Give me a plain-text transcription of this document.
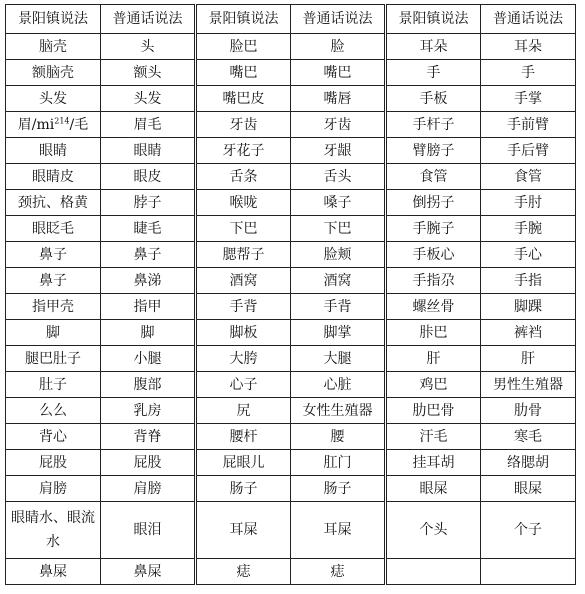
景阳镇说法	普通话说法	景阳镇说法	普通话说法	景阳镇说法	普通话说法
脑壳	头	脸巴	脸	耳朵	耳朵
额脑壳	额头	嘴巴	嘴巴	手	手
头发	头发	嘴巴皮	嘴唇	手板	手掌
眉$/mi^{214}/$毛	眉毛	牙齿	牙齿	手杆子	手前臂
眼睛	眼睛	牙花子	牙龈	臂膀子	手后臂
眼睛皮	眼皮	舌条	舌头	食管	食管
颈抗、格黄	脖子	喉咙	嗓子	倒拐子	手肘
眼眨毛	睫毛	下巴	下巴	手腕子	手腕
鼻子	鼻子	腮帮子	脸颊	手板心	手心
鼻子	鼻涕	酒窝	酒窝	手指尕	手指
指甲壳	指甲	手背	手背	螺丝骨	脚踝
脚	脚	脚板	脚掌	胩巴	裤裆
腿巴肚子	小腿	大胯	大腿	肝	肝
肚子	腹部	心子	心脏	鸡巴	男性生殖器
么么	乳房	尻	女性生殖器	肋巴骨	肋骨
背心	背脊	腰杆	腰	汗毛	寒毛
屁股	屁股	屁眼儿	肛门	挂耳胡	络腮胡
肩膀	肩膀	肠子	肠子	眼屎	眼屎
眼睛水、眼流水	眼泪	耳屎	耳屎	个头	个子
鼻屎	鼻屎	痣	痣		
